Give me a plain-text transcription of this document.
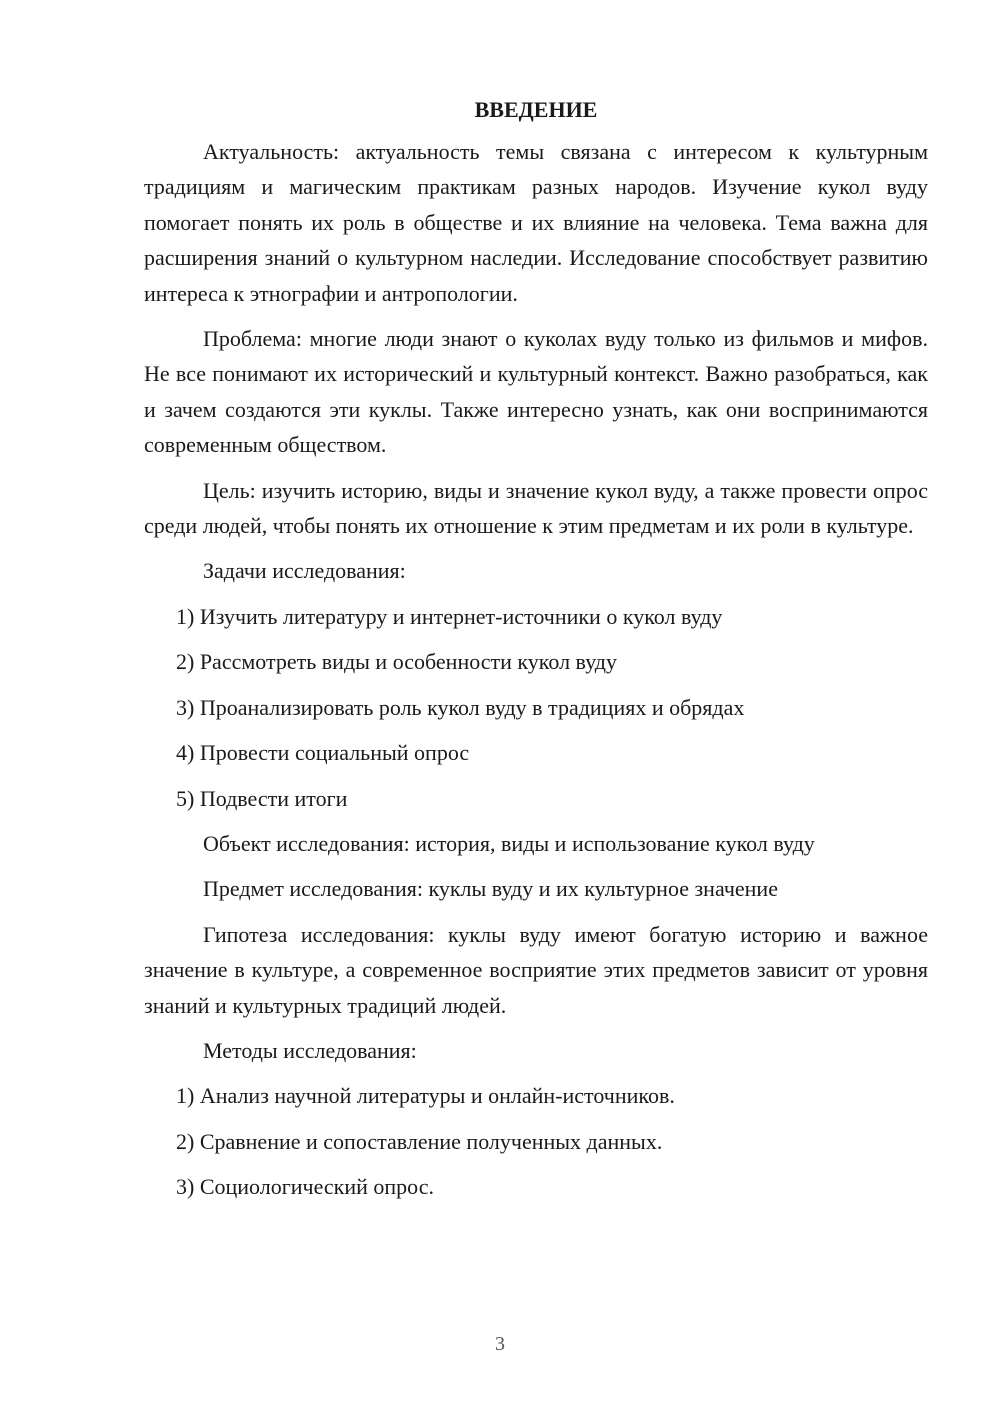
ВВЕДЕНИЕ

Актуальность: актуальность темы связана с интересом к культурным традициям и магическим практикам разных народов. Изучение кукол вуду помогает понять их роль в обществе и их влияние на человека. Тема важна для расширения знаний о культурном наследии. Исследование способствует развитию интереса к этнографии и антропологии.

Проблема: многие люди знают о куколах вуду только из фильмов и мифов. Не все понимают их исторический и культурный контекст. Важно разобраться, как и зачем создаются эти куклы. Также интересно узнать, как они воспринимаются современным обществом.

Цель: изучить историю, виды и значение кукол вуду, а также провести опрос среди людей, чтобы понять их отношение к этим предметам и их роли в культуре.

Задачи исследования:
1) Изучить литературу и интернет-источники о кукол вуду
2) Рассмотреть виды и особенности кукол вуду
3) Проанализировать роль кукол вуду в традициях и обрядах
4) Провести социальный опрос
5) Подвести итоги
Объект исследования: история, виды и использование кукол вуду
Предмет исследования: куклы вуду и их культурное значение

Гипотеза исследования: куклы вуду имеют богатую историю и важное значение в культуре, а современное восприятие этих предметов зависит от уровня знаний и культурных традиций людей.

Методы исследования:
1) Анализ научной литературы и онлайн-источников.
2) Сравнение и сопоставление полученных данных.
3) Социологический опрос.
3
